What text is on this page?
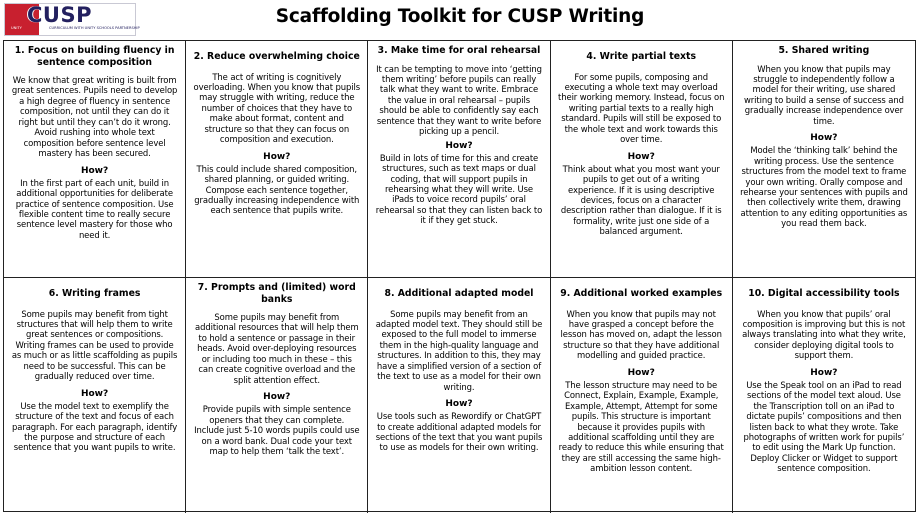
CUSP
UNITY	CURRICULUM WITH UNITY SCHOOLS PARTNERSHIP
Scaffolding Toolkit for CUSP Writing

1. Focus on building fluency in sentence composition

We know that great writing is built from great sentences. Pupils need to develop a high degree of fluency in sentence composition, not until they can do it right but until they can’t do it wrong. Avoid rushing into whole text composition before sentence level mastery has been secured.

How?

In the first part of each unit, build in additional opportunities for deliberate practice of sentence composition. Use flexible content time to really secure sentence level mastery for those who need it.

2. Reduce overwhelming choice

The act of writing is cognitively overloading. When you know that pupils may struggle with writing, reduce the number of choices that they have to make about format, content and structure so that they can focus on composition and execution.

How?

This could include shared composition, shared planning, or guided writing. Compose each sentence together, gradually increasing independence with each sentence that pupils write.

3. Make time for oral rehearsal

It can be tempting to move into ‘getting them writing’ before pupils can really talk what they want to write. Embrace the value in oral rehearsal – pupils should be able to confidently say each sentence that they want to write before picking up a pencil.

How?

Build in lots of time for this and create structures, such as text maps or dual coding, that will support pupils in rehearsing what they will write. Use iPads to voice record pupils’ oral rehearsal so that they can listen back to it if they get stuck.

4. Write partial texts

For some pupils, composing and executing a whole text may overload their working memory. Instead, focus on writing partial texts to a really high standard. Pupils will still be exposed to the whole text and work towards this over time.

How?

Think about what you most want your pupils to get out of a writing experience. If it is using descriptive devices, focus on a character description rather than dialogue. If it is formality, write just one side of a balanced argument.

5. Shared writing

When you know that pupils may struggle to independently follow a model for their writing, use shared writing to build a sense of success and gradually increase independence over time.

How?

Model the ‘thinking talk’ behind the writing process. Use the sentence structures from the model text to frame your own writing. Orally compose and rehearse your sentences with pupils and then collectively write them, drawing attention to any editing opportunities as you read them back.

6. Writing frames

Some pupils may benefit from tight structures that will help them to write great sentences or compositions. Writing frames can be used to provide as much or as little scaffolding as pupils need to be successful. This can be gradually reduced over time.

How?

Use the model text to exemplify the structure of the text and focus of each paragraph. For each paragraph, identify the purpose and structure of each sentence that you want pupils to write.

7. Prompts and (limited) word banks

Some pupils may benefit from additional resources that will help them to hold a sentence or passage in their heads. Avoid over-deploying resources or including too much in these – this can create cognitive overload and the split attention effect.

How?

Provide pupils with simple sentence openers that they can complete. Include just 5-10 words pupils could use on a word bank. Dual code your text map to help them ‘talk the text’.

8. Additional adapted model

Some pupils may benefit from an adapted model text. They should still be exposed to the full model to immerse them in the high-quality language and structures. In addition to this, they may have a simplified version of a section of the text to use as a model for their own writing.

How?

Use tools such as Rewordify or ChatGPT to create additional adapted models for sections of the text that you want pupils to use as models for their own writing.

9. Additional worked examples

When you know that pupils may not have grasped a concept before the lesson has moved on, adapt the lesson structure so that they have additional modelling and guided practice.

How?

The lesson structure may need to be Connect, Explain, Example, Example, Example, Attempt, Attempt for some pupils. This structure is important because it provides pupils with additional scaffolding until they are ready to reduce this while ensuring that they are still accessing the same high-ambition lesson content.

10. Digital accessibility tools

When you know that pupils’ oral composition is improving but this is not always translating into what they write, consider deploying digital tools to support them.

How?

Use the Speak tool on an iPad to read sections of the model text aloud. Use the Transcription toll on an iPad to dictate pupils’ compositions and then listen back to what they wrote. Take photographs of written work for pupils’ to edit using the Mark Up function. Deploy Clicker or Widget to support sentence composition.
